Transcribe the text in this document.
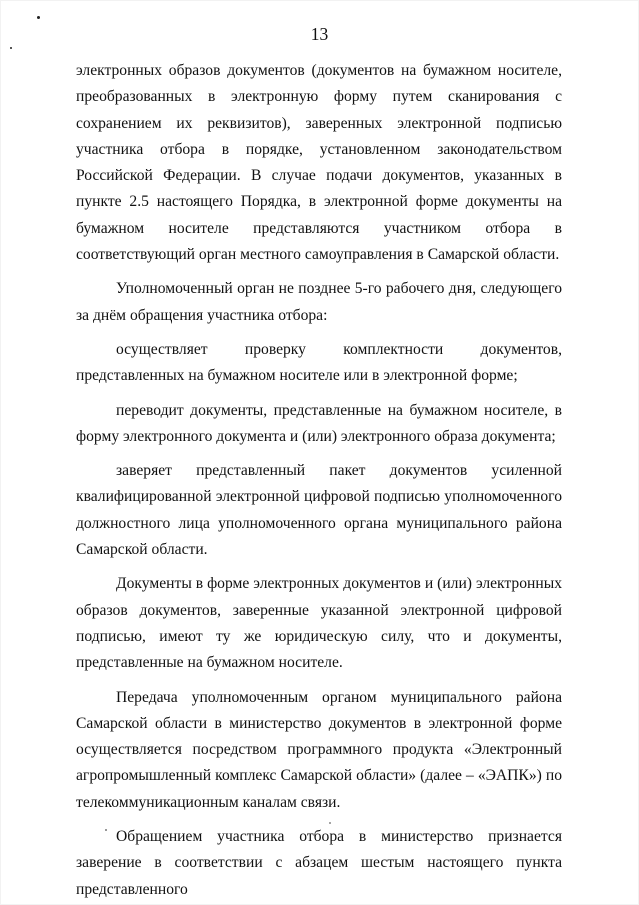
13

электронных образов документов (документов на бумажном носителе, преобразованных в электронную форму путем сканирования с сохранением их реквизитов), заверенных электронной подписью участника отбора в порядке, установленном законодательством Российской Федерации. В случае подачи документов, указанных в пункте 2.5 настоящего Порядка, в электронной форме документы на бумажном носителе представляются участником отбора в соответствующий орган местного самоуправления в Самарской области.

Уполномоченный орган не позднее 5-го рабочего дня, следующего за днём обращения участника отбора:

осуществляет проверку комплектности документов, представленных на бумажном носителе или в электронной форме;

переводит документы, представленные на бумажном носителе, в форму электронного документа и (или) электронного образа документа;

заверяет представленный пакет документов усиленной квалифицированной электронной цифровой подписью уполномоченного должностного лица уполномоченного органа муниципального района Самарской области.

Документы в форме электронных документов и (или) электронных образов документов, заверенные указанной электронной цифровой подписью, имеют ту же юридическую силу, что и документы, представленные на бумажном носителе.

Передача уполномоченным органом муниципального района Самарской области в министерство документов в электронной форме осуществляется посредством программного продукта «Электронный агропромышленный комплекс Самарской области» (далее – «ЭАПК») по телекоммуникационным каналам связи.

Обращением участника отбора в министерство признается заверение в соответствии с абзацем шестым настоящего пункта представленного
